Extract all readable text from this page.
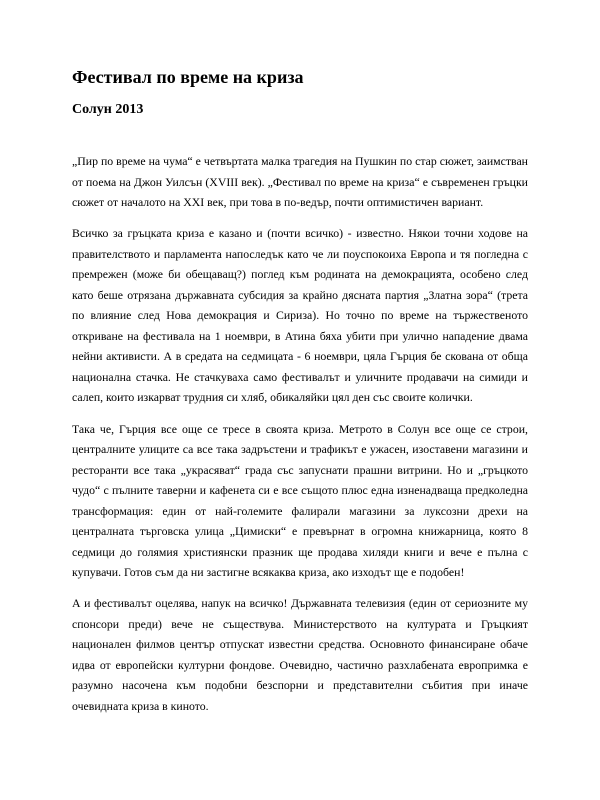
Фестивал по време на криза
Солун 2013

„Пир по време на чума“ е четвъртата малка трагедия на Пушкин по стар сюжет, заимстван от поема на Джон Уилсън (XVIII век). „Фестивал по време на криза“ е съвременен гръцки сюжет от началото на XXI век, при това в по-ведър, почти оптимистичен вариант.

Всичко за гръцката криза е казано и (почти всичко) - известно. Някои точни ходове на правителството и парламента напоследък като че ли поуспокоиха Европа и тя погледна с премрежен (може би обещаващ?) поглед към родината на демокрацията, особено след като беше отрязана държавната субсидия за крайно дясната партия „Златна зора“ (трета по влияние след Нова демокрация и Сириза). Но точно по време на тържественото откриване на фестивала на 1 ноември, в Атина бяха убити при улично нападение двама нейни активисти. А в средата на седмицата - 6 ноември, цяла Гърция бе скована от обща национална стачка. Не стачкуваха само фестивалът и уличните продавачи на симиди и салеп, които изкарват трудния си хляб, обикаляйки цял ден със своите колички.

Така че, Гърция все още се тресе в своята криза. Метрото в Солун все още се строи, централните улиците са все така задръстени и трафикът е ужасен, изоставени магазини и ресторанти все така „украсяват“ града със запуснати прашни витрини. Но и „гръцкото чудо“ с пълните таверни и кафенета си е все същото плюс една изненадваща предколедна трансформация: един от най-големите фалирали магазини за луксозни дрехи на централната търговска улица „Цимиски“ е превърнат в огромна книжарница, която 8 седмици до голямия християнски празник ще продава хиляди книги и вече е пълна с купувачи. Готов съм да ни застигне всякаква криза, ако изходът ще е подобен!

А и фестивалът оцелява, напук на всичко! Държавната телевизия (един от сериозните му спонсори преди) вече не съществува. Министерството на културата и Гръцкият национален филмов център отпускат известни средства. Основното финансиране обаче идва от европейски културни фондове. Очевидно, частично разхлабената европримка е разумно насочена към подобни безспорни и представителни събития при иначе очевидната криза в киното.
